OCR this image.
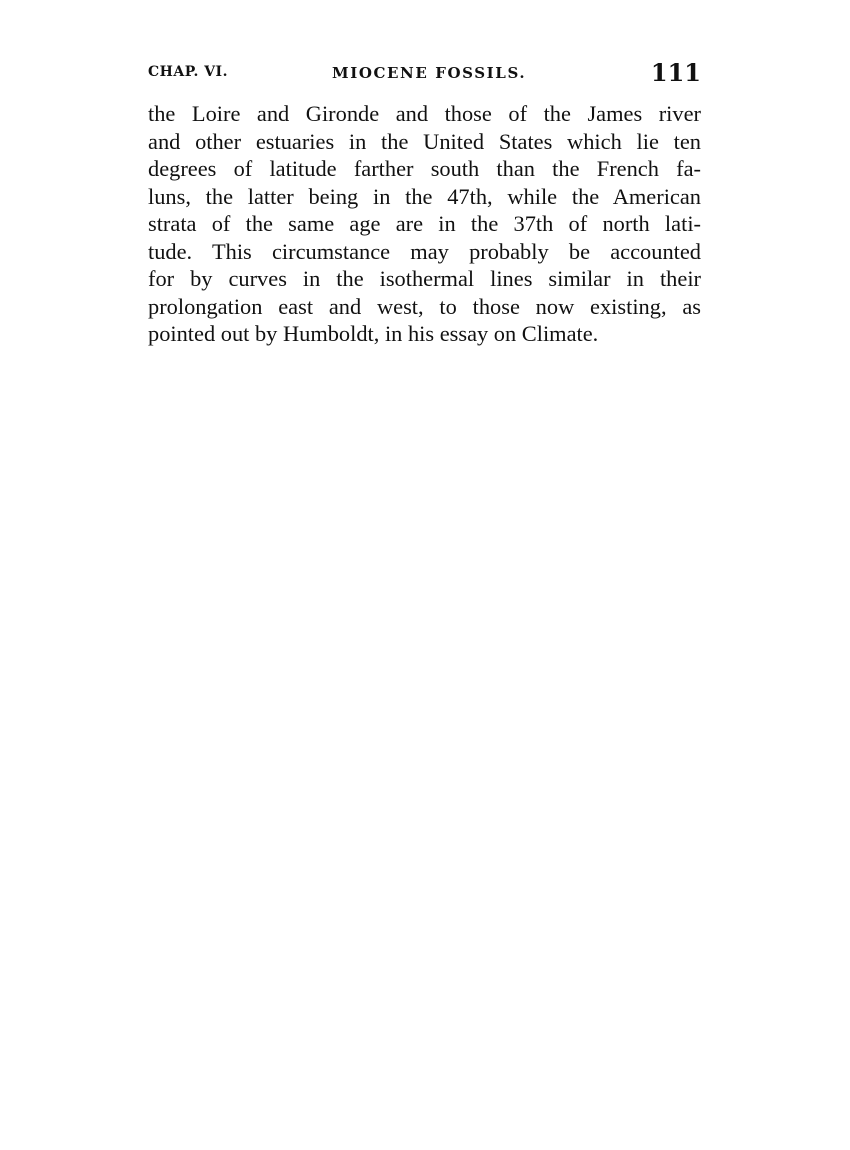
CHAP. VI.	MIOCENE FOSSILS.	111
the Loire and Gironde and those of the James river
and other estuaries in the United States which lie ten
degrees of latitude farther south than the French fa-
luns, the latter being in the 47th, while the American
strata of the same age are in the 37th of north lati-
tude. This circumstance may probably be accounted
for by curves in the isothermal lines similar in their
prolongation east and west, to those now existing, as
pointed out by Humboldt, in his essay on Climate.
